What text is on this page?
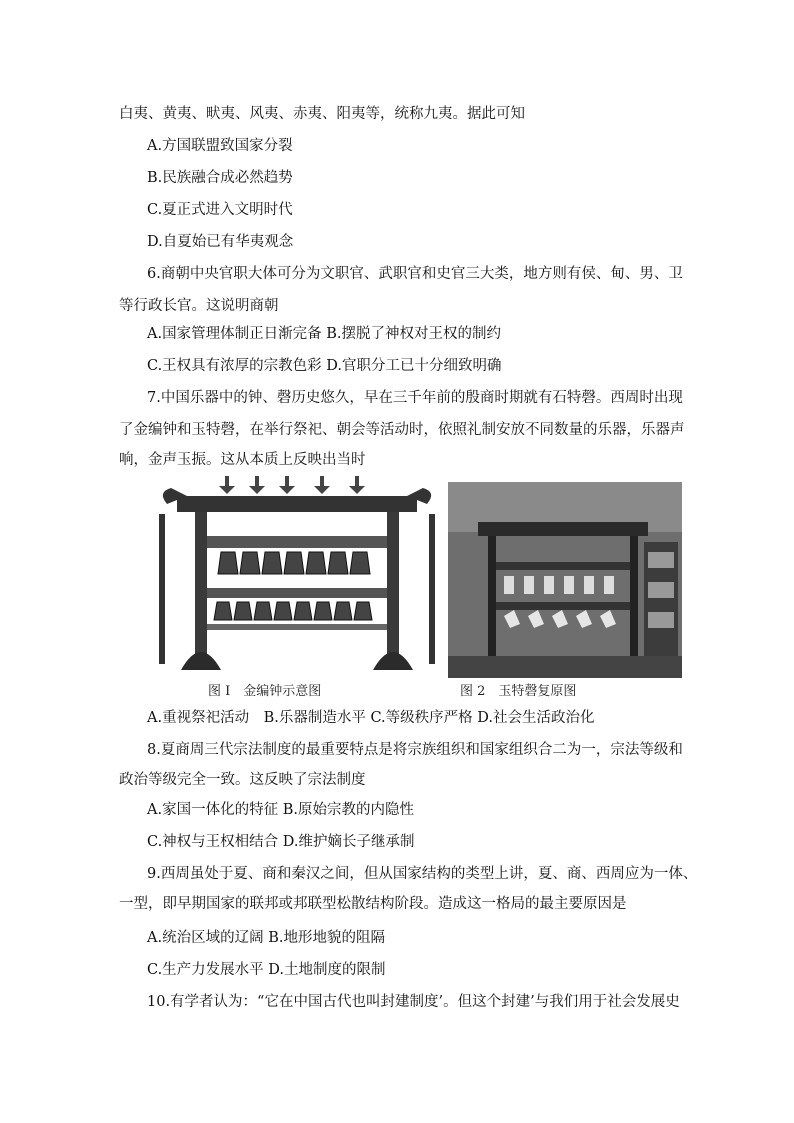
白夷、黄夷、畎夷、风夷、赤夷、阳夷等，统称九夷。据此可知
A.方国联盟致国家分裂
B.民族融合成必然趋势
C.夏正式进入文明时代
D.自夏始已有华夷观念
6.商朝中央官职大体可分为文职官、武职官和史官三大类，地方则有侯、甸、男、卫
等行政长官。这说明商朝
A.国家管理体制正日渐完备 B.摆脱了神权对王权的制约
C.王权具有浓厚的宗教色彩 D.官职分工已十分细致明确
7.中国乐器中的钟、磬历史悠久，早在三千年前的殷商时期就有石特磬。西周时出现
了金编钟和玉特磬，在举行祭祀、朝会等活动时，依照礼制安放不同数量的乐器，乐器声
响，金声玉振。这从本质上反映出当时
图 I　金编钟示意图	图 2　玉特磬复原图
A.重视祭祀活动　B.乐器制造水平 C.等级秩序严格 D.社会生活政治化
8.夏商周三代宗法制度的最重要特点是将宗族组织和国家组织合二为一，宗法等级和
政治等级完全一致。这反映了宗法制度
A.家国一体化的特征 B.原始宗教的内隐性
C.神权与王权相结合 D.维护嫡长子继承制
9.西周虽处于夏、商和秦汉之间，但从国家结构的类型上讲，夏、商、西周应为一体、
一型，即早期国家的联邦或邦联型松散结构阶段。造成这一格局的最主要原因是
A.统治区域的辽阔 B.地形地貌的阻隔
C.生产力发展水平 D.土地制度的限制
10.有学者认为：“它在中国古代也叫封建制度’。但这个封建’与我们用于社会发展史
